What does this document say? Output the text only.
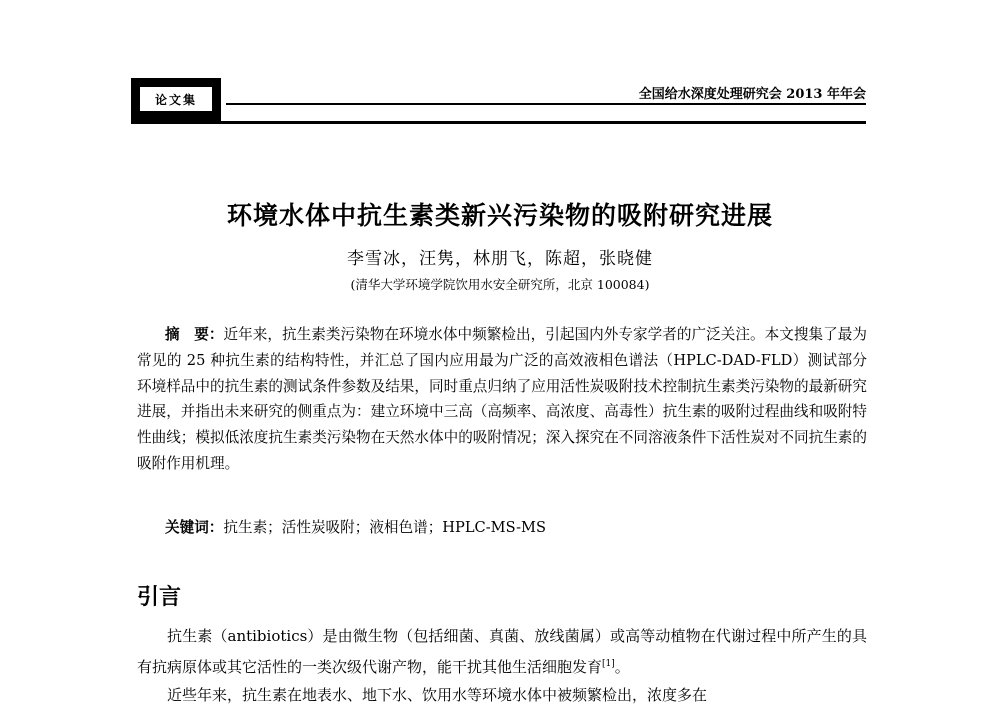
论文集	全国给水深度处理研究会 2013 年年会
环境水体中抗生素类新兴污染物的吸附研究进展
李雪冰，汪隽，林朋飞，陈超，张晓健
(清华大学环境学院饮用水安全研究所，北京 100084)
摘　要：近年来，抗生素类污染物在环境水体中频繁检出，引起国内外专家学者的广泛关注。本文搜集了最为常见的 25 种抗生素的结构特性，并汇总了国内应用最为广泛的高效液相色谱法（HPLC-DAD-FLD）测试部分环境样品中的抗生素的测试条件参数及结果，同时重点归纳了应用活性炭吸附技术控制抗生素类污染物的最新研究进展，并指出未来研究的侧重点为：建立环境中三高（高频率、高浓度、高毒性）抗生素的吸附过程曲线和吸附特性曲线；模拟低浓度抗生素类污染物在天然水体中的吸附情况；深入探究在不同溶液条件下活性炭对不同抗生素的吸附作用机理。
关键词：抗生素；活性炭吸附；液相色谱；HPLC-MS-MS
引言

抗生素（antibiotics）是由微生物（包括细菌、真菌、放线菌属）或高等动植物在代谢过程中所产生的具有抗病原体或其它活性的一类次级代谢产物，能干扰其他生活细胞发育[1]。

近些年来，抗生素在地表水、地下水、饮用水等环境水体中被频繁检出，浓度多在
